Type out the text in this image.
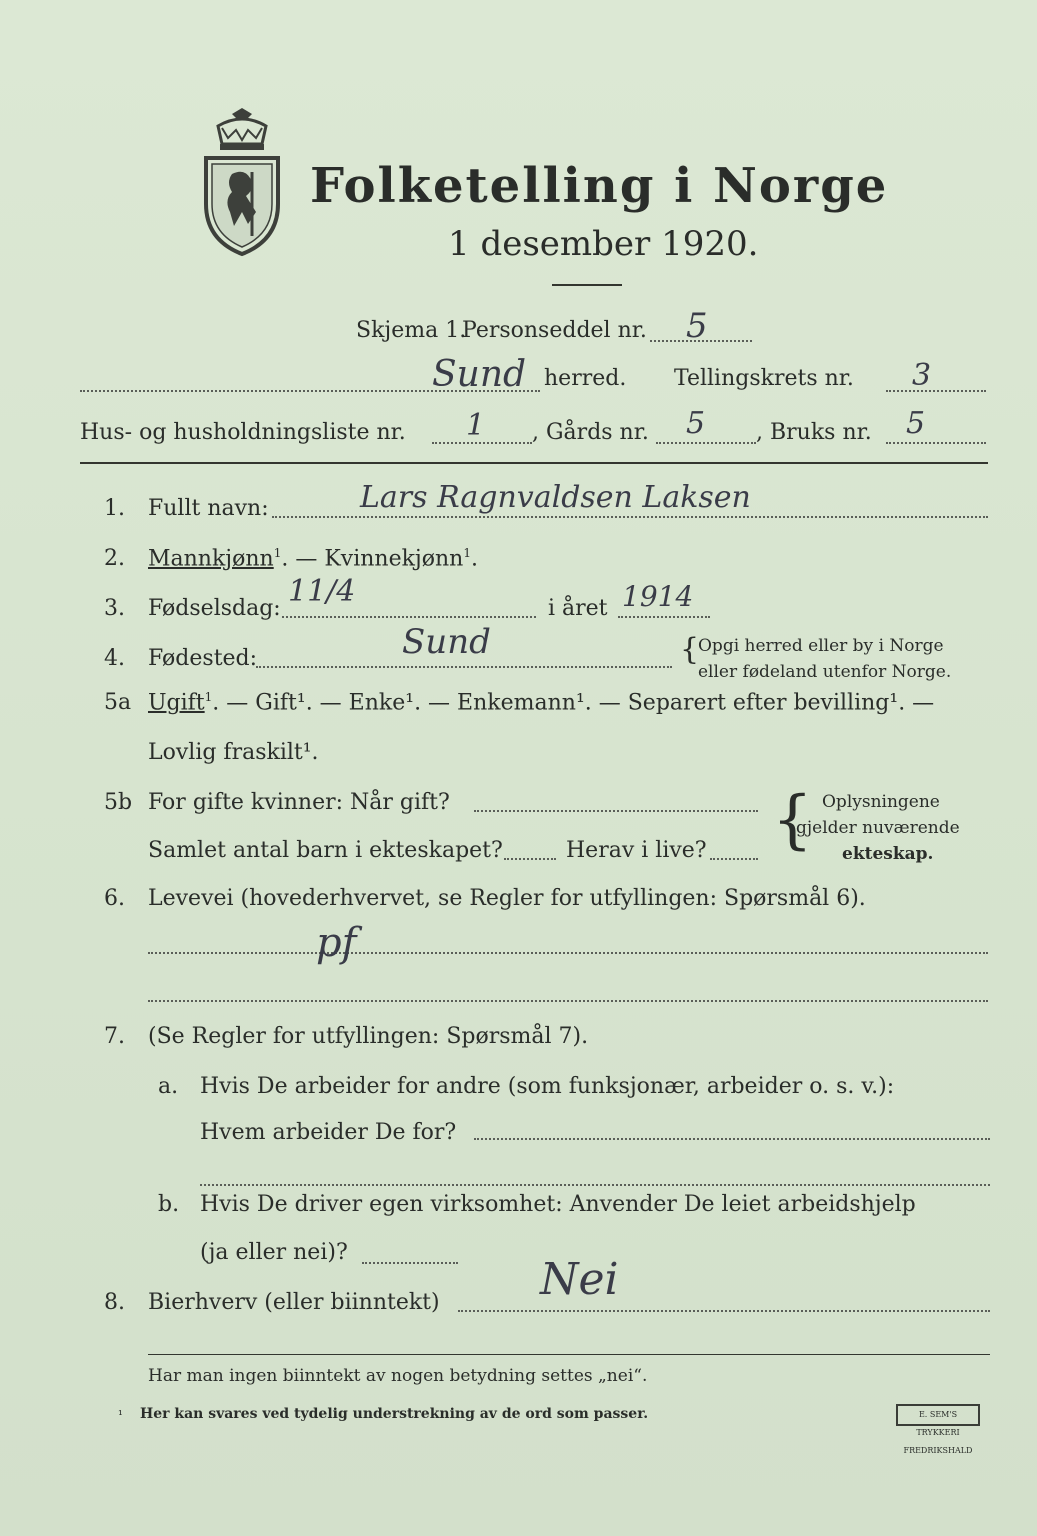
Folketelling i Norge
1 desember 1920.
Skjema 1.
Personseddel nr. 5
Sund herred. Tellingskrets nr. 3
Hus- og husholdningsliste nr. 1 , Gårds nr. 5 , Bruks nr. 5
1. Fullt navn:	Lars Ragnvaldsen Laksen
2. Mannkjønn$^1$. — Kvinnekjønn$^1$.
3. Fødselsdag: 11/4	i året 1914
4. Fødested:	Sund	{
Opgi herred eller by i Norge
eller fødeland utenfor Norge.
5a Ugift$^1$. — Gift¹. — Enke¹. — Enkemann¹. — Separert efter bevilling¹. —
Lovlig fraskilt¹.
5b For gifte kvinner: Når gift?
Samlet antal barn i ekteskapet?	Herav i live? { Oplysningene
gjelder nuværende
ekteskap.
6. Levevei (hovederhvervet, se Regler for utfyllingen: Spørsmål 6).
pf
7. (Se Regler for utfyllingen: Spørsmål 7).
a. Hvis De arbeider for andre (som funksjonær, arbeider o. s. v.):
Hvem arbeider De for?
b. Hvis De driver egen virksomhet: Anvender De leiet arbeidshjelp
(ja eller nei)?
8. Bierhverv (eller biinntekt) Nei
Har man ingen biinntekt av nogen betydning settes „nei“.
¹ Her kan svares ved tydelig understrekning av de ord som passer.	E. SEM'S TRYKKERI FREDRIKSHALD
